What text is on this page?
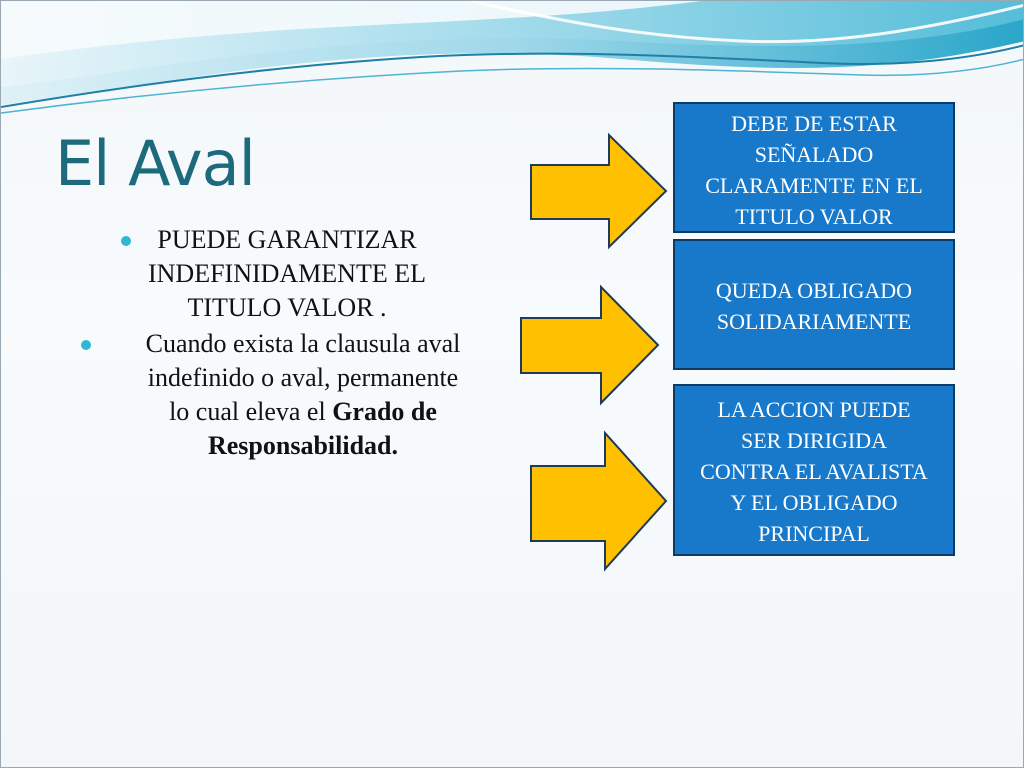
El Aval
PUEDE GARANTIZAR
INDEFINIDAMENTE EL
TITULO VALOR .
Cuando exista la clausula aval
indefinido o aval, permanente
lo cual eleva el Grado de
Responsabilidad.
DEBE DE ESTAR
SEÑALADO
CLARAMENTE EN EL
TITULO VALOR
QUEDA OBLIGADO
SOLIDARIAMENTE
LA ACCION PUEDE
SER DIRIGIDA
CONTRA EL AVALISTA
Y EL OBLIGADO
PRINCIPAL
